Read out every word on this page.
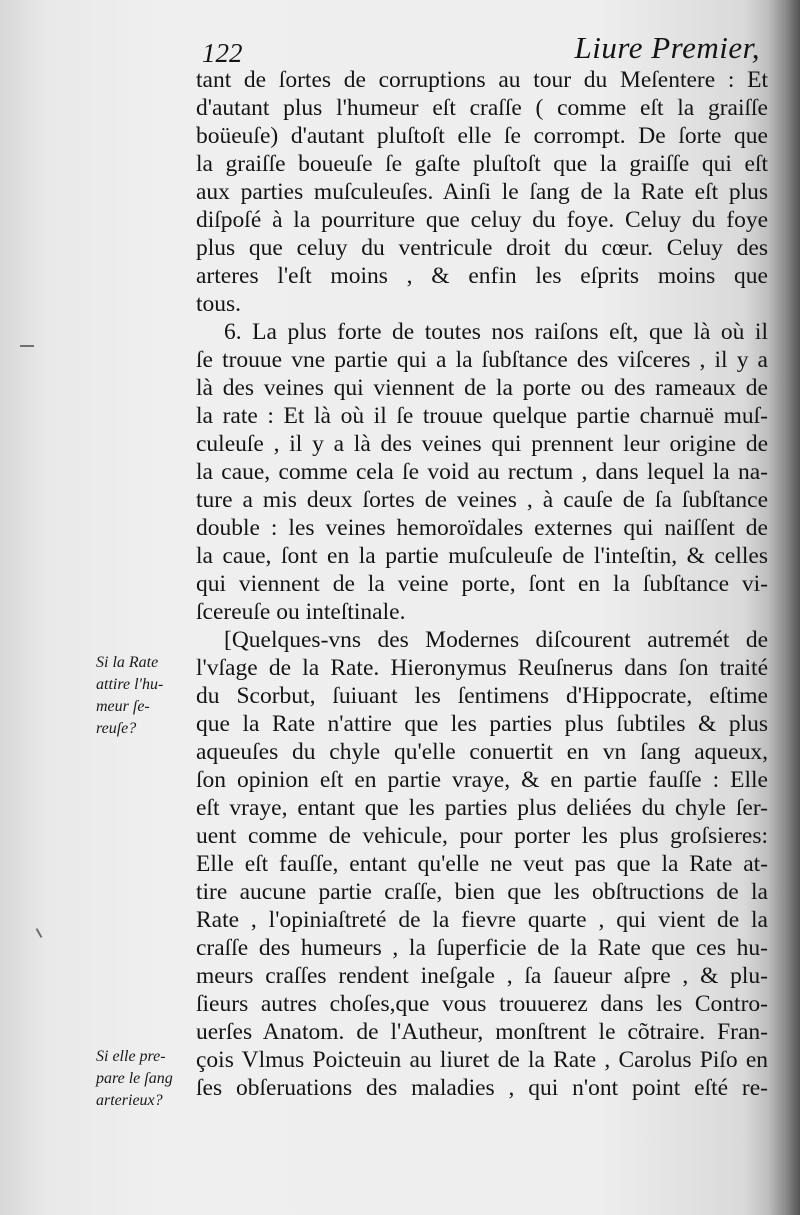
122	Liure Premier,
tant de ſortes de corruptions au tour du Meſentere : Et
d'autant plus l'humeur eſt craſſe ( comme eſt la graiſſe
boüeuſe) d'autant pluſtoſt elle ſe corrompt. De ſorte que
la graiſſe boueuſe ſe gaſte pluſtoſt que la graiſſe qui eſt
aux parties muſculeuſes. Ainſi le ſang de la Rate eſt plus
diſpoſé à la pourriture que celuy du foye. Celuy du foye
plus que celuy du ventricule droit du cœur. Celuy des
arteres l'eſt moins , & enfin les eſprits moins que
tous.
6. La plus forte de toutes nos raiſons eſt, que là où il
ſe trouue vne partie qui a la ſubſtance des viſceres , il y a
là des veines qui viennent de la porte ou des rameaux de
la rate : Et là où il ſe trouue quelque partie charnuë muſ-
culeuſe , il y a là des veines qui prennent leur origine de
la caue, comme cela ſe void au rectum , dans lequel la na-
ture a mis deux ſortes de veines , à cauſe de ſa ſubſtance
double : les veines hemoroïdales externes qui naiſſent de
la caue, ſont en la partie muſculeuſe de l'inteſtin, & celles
qui viennent de la veine porte, ſont en la ſubſtance vi-
ſcereuſe ou inteſtinale.
[Quelques-vns des Modernes diſcourent autremét de
l'vſage de la Rate. Hieronymus Reuſnerus dans ſon traité
du Scorbut, ſuiuant les ſentimens d'Hippocrate, eſtime
que la Rate n'attire que les parties plus ſubtiles & plus
aqueuſes du chyle qu'elle conuertit en vn ſang aqueux,
ſon opinion eſt en partie vraye, & en partie fauſſe : Elle
eſt vraye, entant que les parties plus deliées du chyle ſer-
uent comme de vehicule, pour porter les plus groſsieres:
Elle eſt fauſſe, entant qu'elle ne veut pas que la Rate at-
tire aucune partie craſſe, bien que les obſtructions de la
Rate , l'opiniaſtreté de la fievre quarte , qui vient de la
craſſe des humeurs , la ſuperficie de la Rate que ces hu-
meurs craſſes rendent ineſgale , ſa ſaueur aſpre , & plu-
ſieurs autres choſes,que vous trouuerez dans les Contro-
uerſes Anatom. de l'Autheur, monſtrent le cõtraire. Fran-
çois Vlmus Poicteuin au liuret de la Rate , Carolus Piſo en
ſes obſeruations des maladies , qui n'ont point eſté re-
Si la Rate
attire l'hu-
meur ſe-
reuſe?
Si elle pre-
pare le ſang
arterieux?
